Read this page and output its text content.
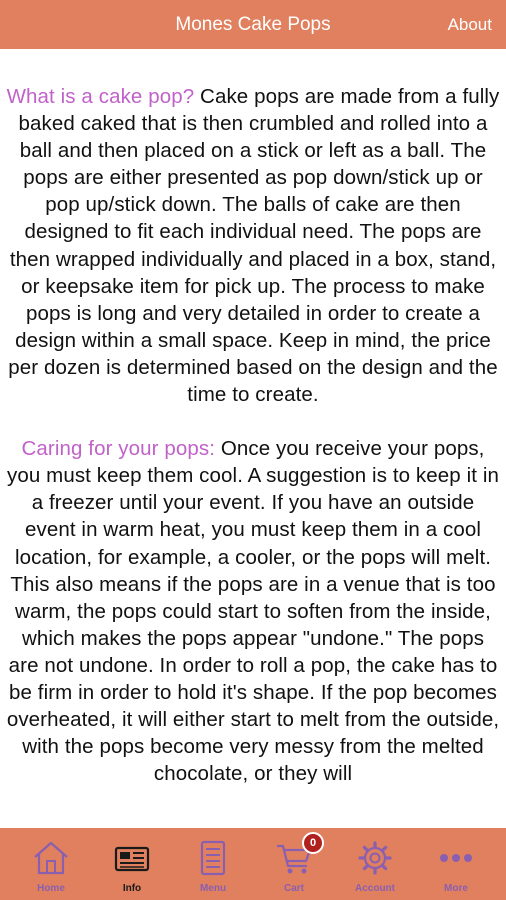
Mones Cake Pops	About

What is a cake pop? Cake pops are made from a fully baked caked that is then crumbled and rolled into a ball and then placed on a stick or left as a ball. The pops are either presented as pop down/stick up or pop up/stick down. The balls of cake are then designed to fit each individual need. The pops are then wrapped individually and placed in a box, stand, or keepsake item for pick up. The process to make pops is long and very detailed in order to create a design within a small space. Keep in mind, the price per dozen is determined based on the design and the time to create.

Caring for your pops: Once you receive your pops, you must keep them cool. A suggestion is to keep it in a freezer until your event. If you have an outside event in warm heat, you must keep them in a cool location, for example, a cooler, or the pops will melt. This also means if the pops are in a venue that is too warm, the pops could start to soften from the inside, which makes the pops appear "undone." The pops are not undone. In order to roll a pop, the cake has to be firm in order to hold it's shape. If the pop becomes overheated, it will either start to melt from the outside, with the pops become very messy from the melted chocolate, or they will

Home	Info	Menu
0
Cart	Account	More
